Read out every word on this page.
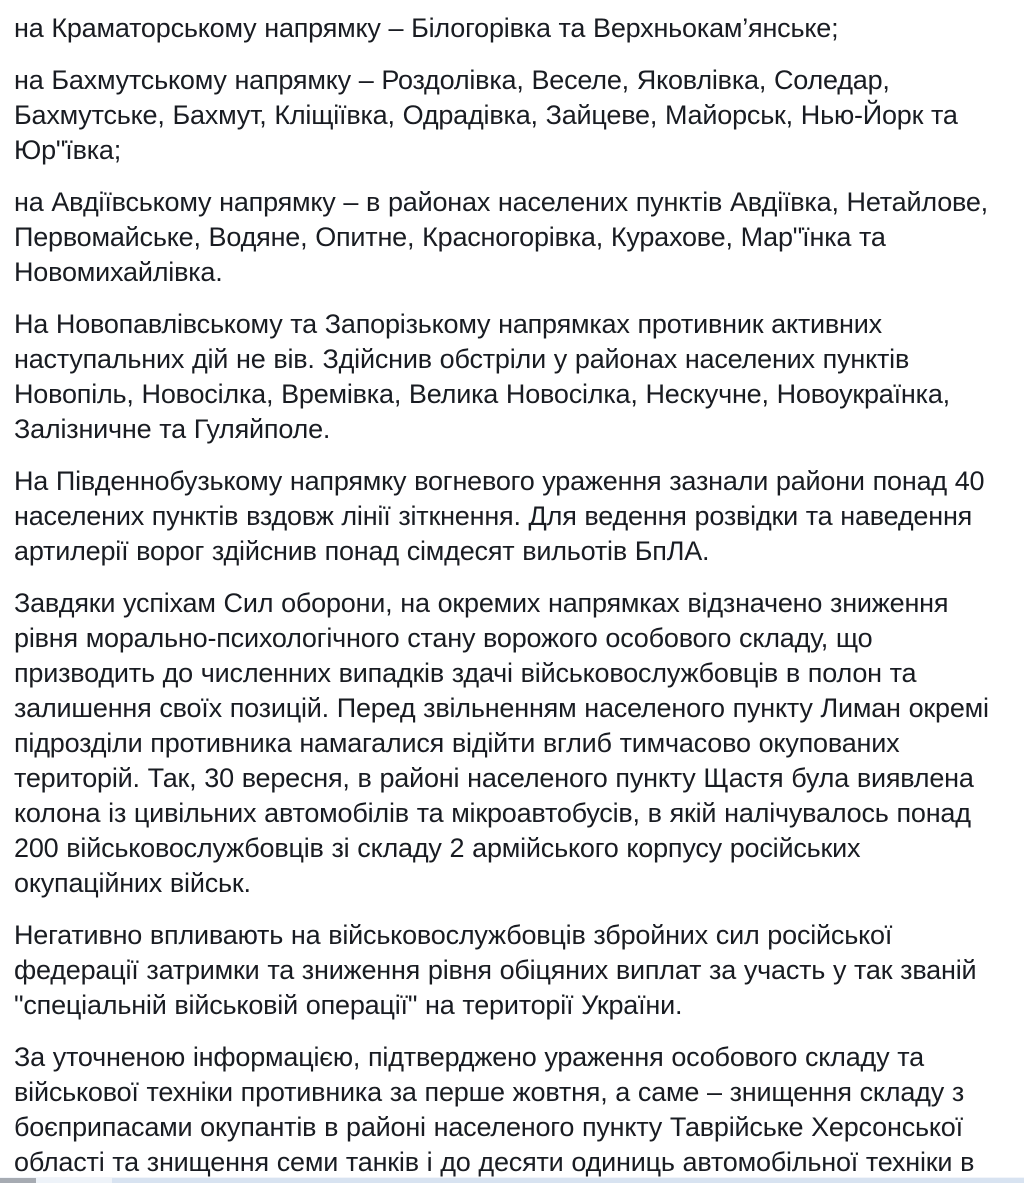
на Краматорському напрямку – Білогорівка та Верхньокам’янське;

на Бахмутському напрямку – Роздолівка, Веселе, Яковлівка, Соледар, Бахмутське, Бахмут, Кліщіївка, Одрадівка, Зайцеве, Майорськ, Нью-Йорк та Юр"ївка;

на Авдіївському напрямку – в районах населених пунктів Авдіївка, Нетайлове, Первомайське, Водяне, Опитне, Красногорівка, Курахове, Мар"їнка та Новомихайлівка.

На Новопавлівському та Запорізькому напрямках противник активних наступальних дій не вів. Здійснив обстріли у районах населених пунктів Новопіль, Новосілка, Времівка, Велика Новосілка, Нескучне, Новоукраїнка, Залізничне та Гуляйполе.

На Південнобузькому напрямку вогневого ураження зазнали райони понад 40 населених пунктів вздовж лінії зіткнення. Для ведення розвідки та наведення артилерії ворог здійснив понад сімдесят вильотів БпЛА.

Завдяки успіхам Сил оборони, на окремих напрямках відзначено зниження рівня морально-психологічного стану ворожого особового складу, що призводить до численних випадків здачі військовослужбовців в полон та залишення своїх позицій. Перед звільненням населеного пункту Лиман окремі підрозділи противника намагалися відійти вглиб тимчасово окупованих територій. Так, 30 вересня, в районі населеного пункту Щастя була виявлена колона із цивільних автомобілів та мікроавтобусів, в якій налічувалось понад 200 військовослужбовців зі складу 2 армійського корпусу російських окупаційних військ.

Негативно впливають на військовослужбовців збройних сил російської федерації затримки та зниження рівня обіцяних виплат за участь у так званій "спеціальній військовій операції" на території України.

За уточненою інформацією, підтверджено ураження особового складу та військової техніки противника за перше жовтня, а саме – знищення складу з боєприпасами окупантів в районі населеного пункту Таврійське Херсонської області та знищення семи танків і до десяти одиниць автомобільної техніки в
